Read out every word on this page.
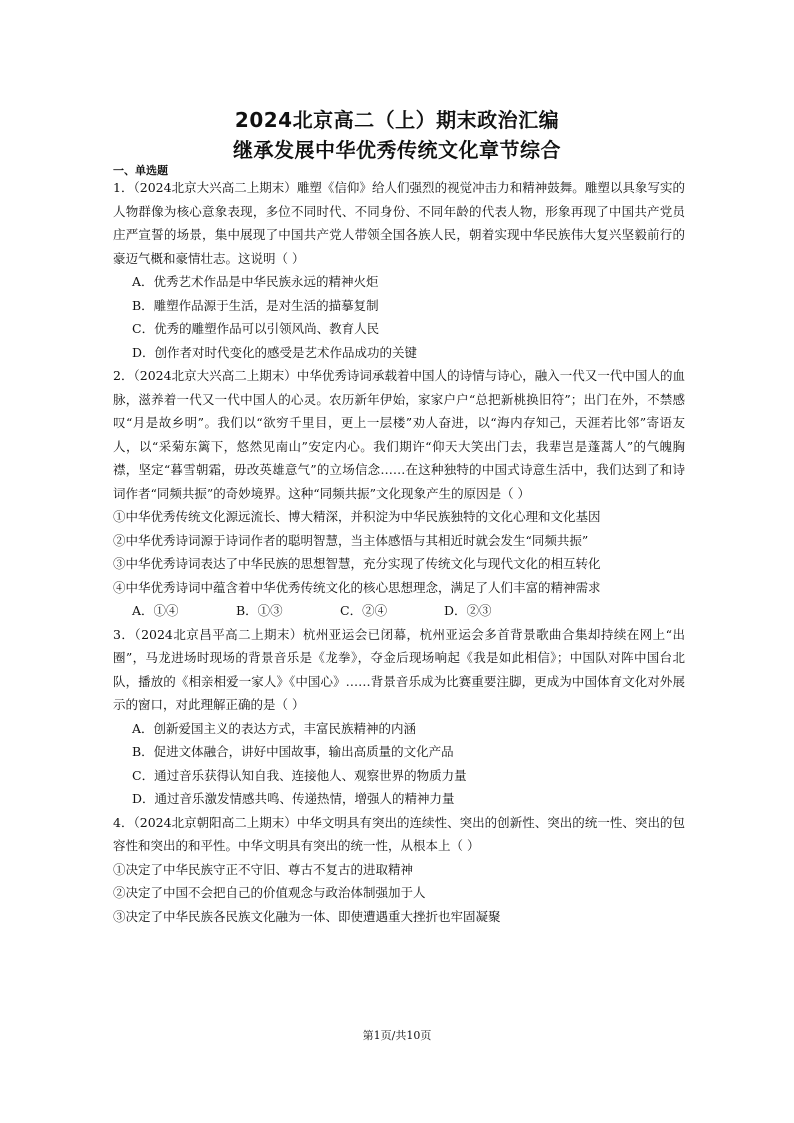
2024北京高二（上）期末政治汇编
继承发展中华优秀传统文化章节综合
一、单选题

1．（2024北京大兴高二上期末）雕塑《信仰》给人们强烈的视觉冲击力和精神鼓舞。雕塑以具象写实的人物群像为核心意象表现，多位不同时代、不同身份、不同年龄的代表人物，形象再现了中国共产党员庄严宣誓的场景，集中展现了中国共产党人带领全国各族人民，朝着实现中华民族伟大复兴坚毅前行的豪迈气概和豪情壮志。这说明（ ）

A．优秀艺术作品是中华民族永远的精神火炬

B．雕塑作品源于生活，是对生活的描摹复制

C．优秀的雕塑作品可以引领风尚、教育人民

D．创作者对时代变化的感受是艺术作品成功的关键

2．（2024北京大兴高二上期末）中华优秀诗词承载着中国人的诗情与诗心，融入一代又一代中国人的血脉，滋养着一代又一代中国人的心灵。农历新年伊始，家家户户“总把新桃换旧符”；出门在外，不禁感叹“月是故乡明”。我们以“欲穷千里目，更上一层楼”劝人奋进，以“海内存知己，天涯若比邻”寄语友人，以“采菊东篱下，悠然见南山”安定内心。我们期许“仰天大笑出门去，我辈岂是蓬蒿人”的气魄胸襟，坚定“暮雪朝霜，毋改英雄意气”的立场信念……在这种独特的中国式诗意生活中，我们达到了和诗词作者“同频共振”的奇妙境界。这种“同频共振”文化现象产生的原因是（ ）

①中华优秀传统文化源远流长、博大精深，并积淀为中华民族独特的文化心理和文化基因

②中华优秀诗词源于诗词作者的聪明智慧，当主体感悟与其相近时就会发生“同频共振”

③中华优秀诗词表达了中华民族的思想智慧，充分实现了传统文化与现代文化的相互转化

④中华优秀诗词中蕴含着中华优秀传统文化的核心思想理念，满足了人们丰富的精神需求

A．①④	B．①③	C．②④	D．②③

3．（2024北京昌平高二上期末）杭州亚运会已闭幕，杭州亚运会多首背景歌曲合集却持续在网上“出圈”，马龙进场时现场的背景音乐是《龙拳》，夺金后现场响起《我是如此相信》；中国队对阵中国台北队，播放的《相亲相爱一家人》《中国心》……背景音乐成为比赛重要注脚，更成为中国体育文化对外展示的窗口，对此理解正确的是（ ）

A．创新爱国主义的表达方式，丰富民族精神的内涵

B．促进文体融合，讲好中国故事，输出高质量的文化产品

C．通过音乐获得认知自我、连接他人、观察世界的物质力量

D．通过音乐激发情感共鸣、传递热情，增强人的精神力量

4．（2024北京朝阳高二上期末）中华文明具有突出的连续性、突出的创新性、突出的统一性、突出的包容性和突出的和平性。中华文明具有突出的统一性，从根本上（ ）

①决定了中华民族守正不守旧、尊古不复古的进取精神

②决定了中国不会把自己的价值观念与政治体制强加于人

③决定了中华民族各民族文化融为一体、即使遭遇重大挫折也牢固凝聚

第1页/共10页
